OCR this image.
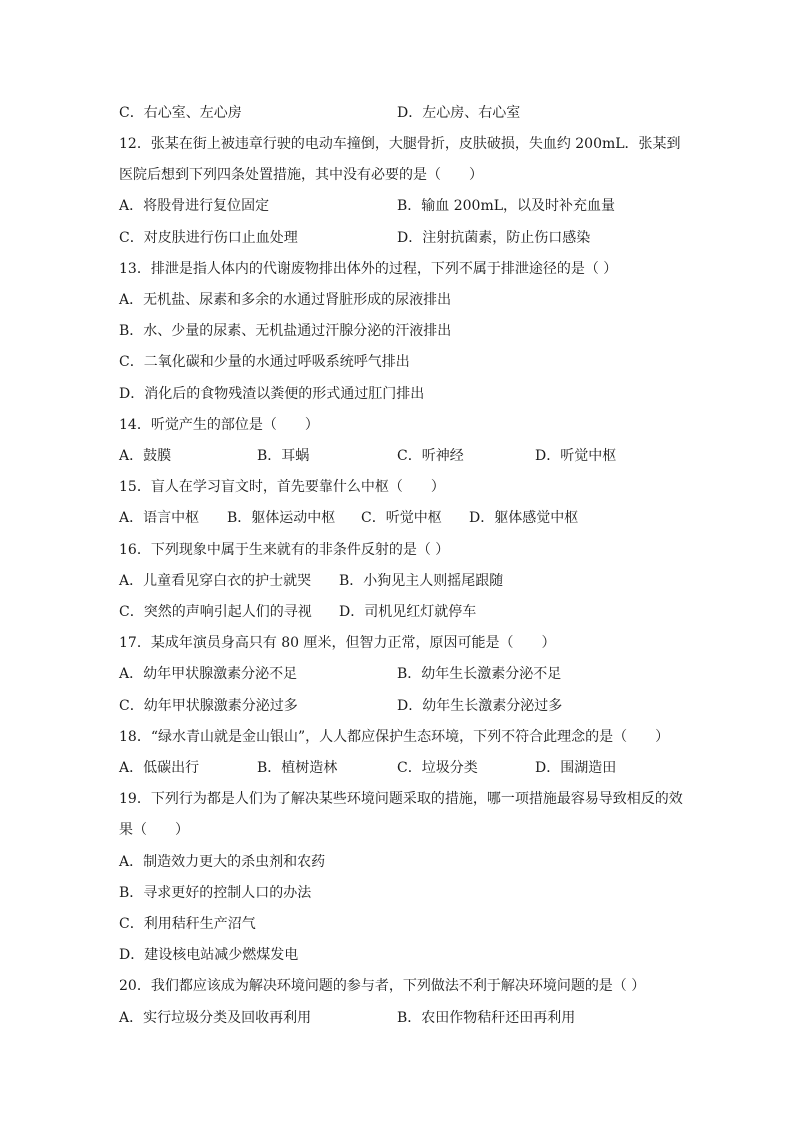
C．右心室、左心房	D．左心房、右心室
12．张某在街上被违章行驶的电动车撞倒，大腿骨折，皮肤破损，失血约 200mL．张某到
医院后想到下列四条处置措施，其中没有必要的是（　　）
A．将股骨进行复位固定	B．输血 200mL，以及时补充血量
C．对皮肤进行伤口止血处理	D．注射抗菌素，防止伤口感染
13．排泄是指人体内的代谢废物排出体外的过程，下列不属于排泄途径的是（ ）
A．无机盐、尿素和多余的水通过肾脏形成的尿液排出
B．水、少量的尿素、无机盐通过汗腺分泌的汗液排出
C．二氧化碳和少量的水通过呼吸系统呼气排出
D．消化后的食物残渣以粪便的形式通过肛门排出
14．听觉产生的部位是（　　）
A．鼓膜	B．耳蜗	C．听神经	D．听觉中枢
15．盲人在学习盲文时，首先要靠什么中枢（　　）
A．语言中枢 B．躯体运动中枢 C．听觉中枢 D．躯体感觉中枢
16．下列现象中属于生来就有的非条件反射的是（ ）
A．儿童看见穿白衣的护士就哭 B．小狗见主人则摇尾跟随
C．突然的声响引起人们的寻视 D．司机见红灯就停车
17．某成年演员身高只有 80 厘米，但智力正常，原因可能是（　　）
A．幼年甲状腺激素分泌不足	B．幼年生长激素分泌不足
C．幼年甲状腺激素分泌过多	D．幼年生长激素分泌过多
18．“绿水青山就是金山银山”，人人都应保护生态环境，下列不符合此理念的是（　　）
A．低碳出行	B．植树造林	C．垃圾分类	D．围湖造田
19．下列行为都是人们为了解决某些环境问题采取的措施，哪一项措施最容易导致相反的效
果（　　）
A．制造效力更大的杀虫剂和农药
B．寻求更好的控制人口的办法
C．利用秸秆生产沼气
D．建设核电站减少燃煤发电
20．我们都应该成为解决环境问题的参与者，下列做法不利于解决环境问题的是（ ）
A．实行垃圾分类及回收再利用	B．农田作物秸秆还田再利用
